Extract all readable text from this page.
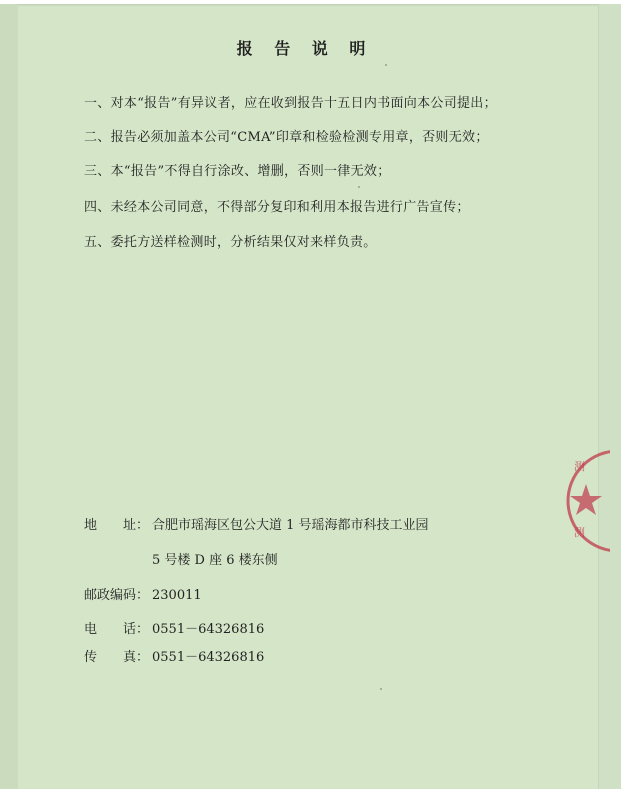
报 告 说 明
一、对本“报告”有异议者，应在收到报告十五日内书面向本公司提出；
二、报告必须加盖本公司“CMA”印章和检验检测专用章，否则无效；
三、本“报告”不得自行涂改、增删，否则一律无效；
四、未经本公司同意，不得部分复印和利用本报告进行广告宣传；
五、委托方送样检测时，分析结果仅对来样负责。
地　　址： 合肥市瑶海区包公大道 1 号瑶海都市科技工业园
5 号楼 D 座 6 楼东侧
邮政编码： 230011
电　　话： 0551－64326816
传　　真： 0551－64326816
测
测
